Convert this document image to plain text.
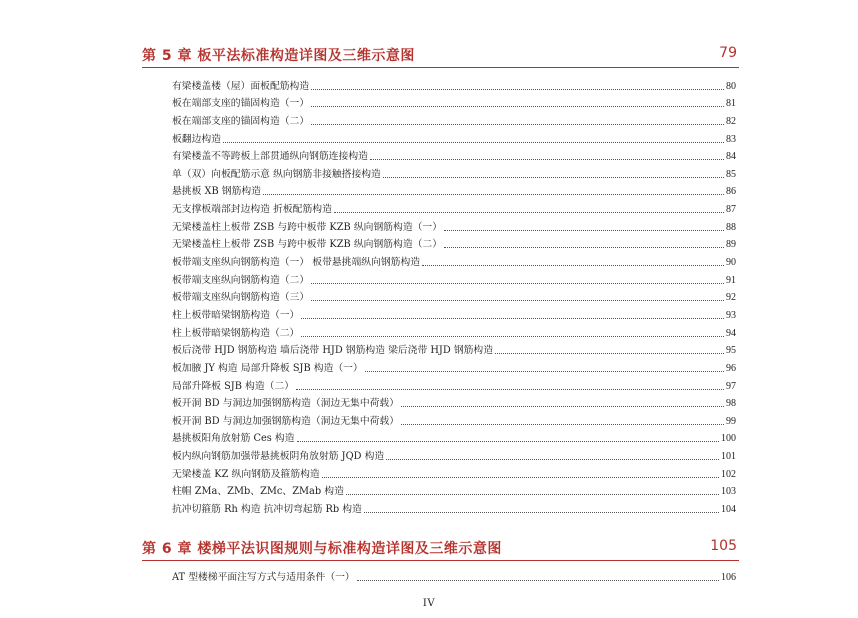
第 5 章 板平法标准构造详图及三维示意图	79
有梁楼盖楼（屋）面板配筋构造	80
板在端部支座的锚固构造（一）	81
板在端部支座的锚固构造（二）	82
板翻边构造	83
有梁楼盖不等跨板上部贯通纵向钢筋连接构造	84
单（双）向板配筋示意 纵向钢筋非接触搭接构造	85
悬挑板 XB 钢筋构造	86
无支撑板端部封边构造 折板配筋构造	87
无梁楼盖柱上板带 ZSB 与跨中板带 KZB 纵向钢筋构造（一）	88
无梁楼盖柱上板带 ZSB 与跨中板带 KZB 纵向钢筋构造（二）	89
板带端支座纵向钢筋构造（一） 板带悬挑端纵向钢筋构造	90
板带端支座纵向钢筋构造（二）	91
板带端支座纵向钢筋构造（三）	92
柱上板带暗梁钢筋构造（一）	93
柱上板带暗梁钢筋构造（二）	94
板后浇带 HJD 钢筋构造 墙后浇带 HJD 钢筋构造 梁后浇带 HJD 钢筋构造	95
板加腋 JY 构造 局部升降板 SJB 构造（一）	96
局部升降板 SJB 构造（二）	97
板开洞 BD 与洞边加强钢筋构造（洞边无集中荷载）	98
板开洞 BD 与洞边加强钢筋构造（洞边无集中荷载）	99
悬挑板阳角放射筋 Ces 构造	100
板内纵向钢筋加强带悬挑板阴角放射筋 JQD 构造	101
无梁楼盖 KZ 纵向钢筋及箍筋构造	102
柱帽 ZMa、ZMb、ZMc、ZMab 构造	103
抗冲切箍筋 Rh 构造 抗冲切弯起筋 Rb 构造	104
第 6 章 楼梯平法识图规则与标准构造详图及三维示意图	105
AT 型楼梯平面注写方式与适用条件（一）	106
IV
